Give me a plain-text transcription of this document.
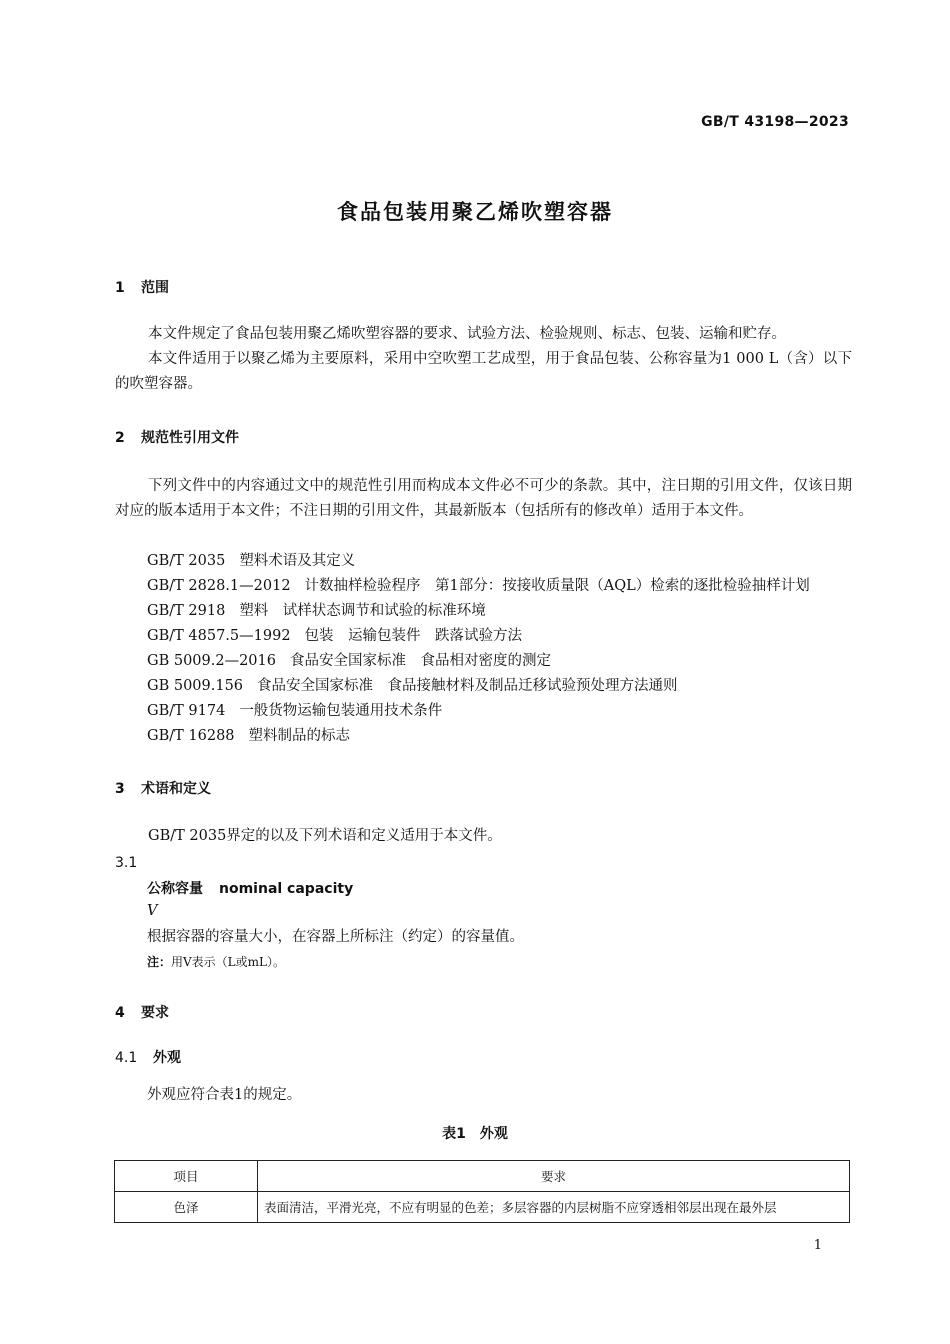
GB/T 43198—2023
食品包装用聚乙烯吹塑容器
1 范围
本文件规定了食品包装用聚乙烯吹塑容器的要求、试验方法、检验规则、标志、包装、运输和贮存。
本文件适用于以聚乙烯为主要原料，采用中空吹塑工艺成型，用于食品包装、公称容量为1 000 L（含）以下的吹塑容器。
2 规范性引用文件
下列文件中的内容通过文中的规范性引用而构成本文件必不可少的条款。其中，注日期的引用文件，仅该日期对应的版本适用于本文件；不注日期的引用文件，其最新版本（包括所有的修改单）适用于本文件。
GB/T 2035 塑料术语及其定义
GB/T 2828.1—2012 计数抽样检验程序　第1部分：按接收质量限（AQL）检索的逐批检验抽样计划
GB/T 2918 塑料　试样状态调节和试验的标准环境
GB/T 4857.5—1992 包装　运输包装件　跌落试验方法
GB 5009.2—2016 食品安全国家标准　食品相对密度的测定
GB 5009.156 食品安全国家标准　食品接触材料及制品迁移试验预处理方法通则
GB/T 9174 一般货物运输包装通用技术条件
GB/T 16288 塑料制品的标志
3 术语和定义
GB/T 2035界定的以及下列术语和定义适用于本文件。
3.1
公称容量 nominal capacity
V
根据容器的容量大小，在容器上所标注（约定）的容量值。
注：用V表示（L或mL）。
4 要求
4.1 外观
外观应符合表1的规定。
表1　外观
项目	要求
色泽	表面清洁，平滑光亮，不应有明显的色差；多层容器的内层树脂不应穿透相邻层出现在最外层
1
